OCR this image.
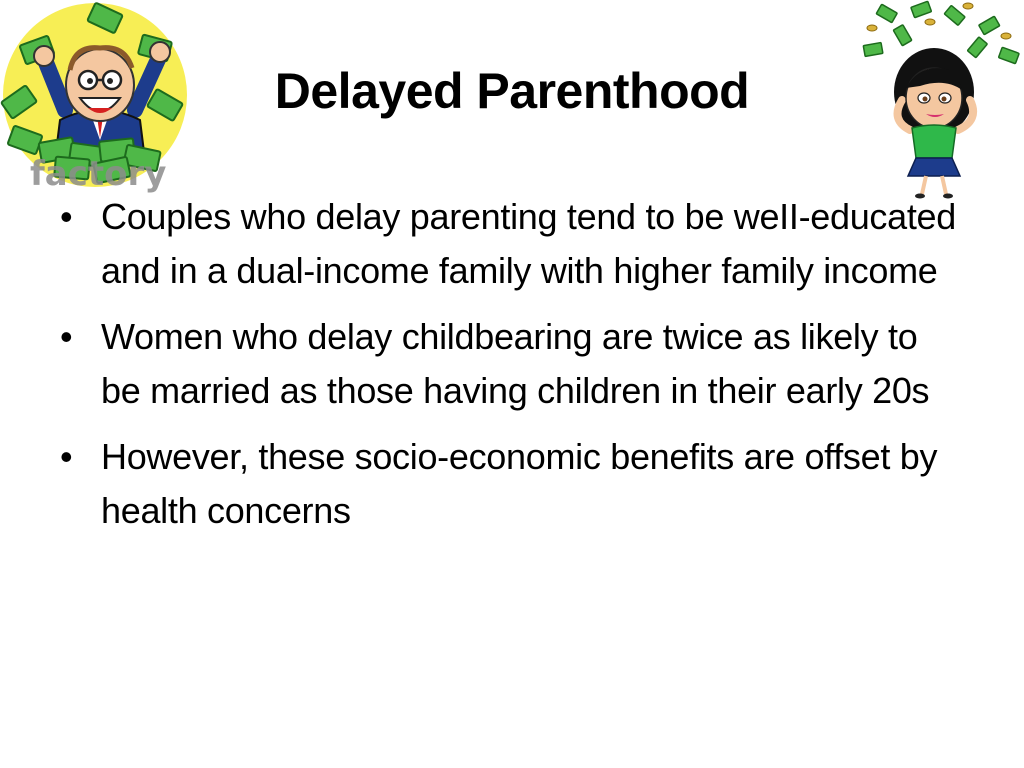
factory
Delayed Parenthood
• Couples who delay parenting tend to be weII-educated and in a dual-income family with higher family income
• Women who delay childbearing are twice as likely to be married as those having children in their early 20s
• However, these socio-economic benefits are offset by health concerns
